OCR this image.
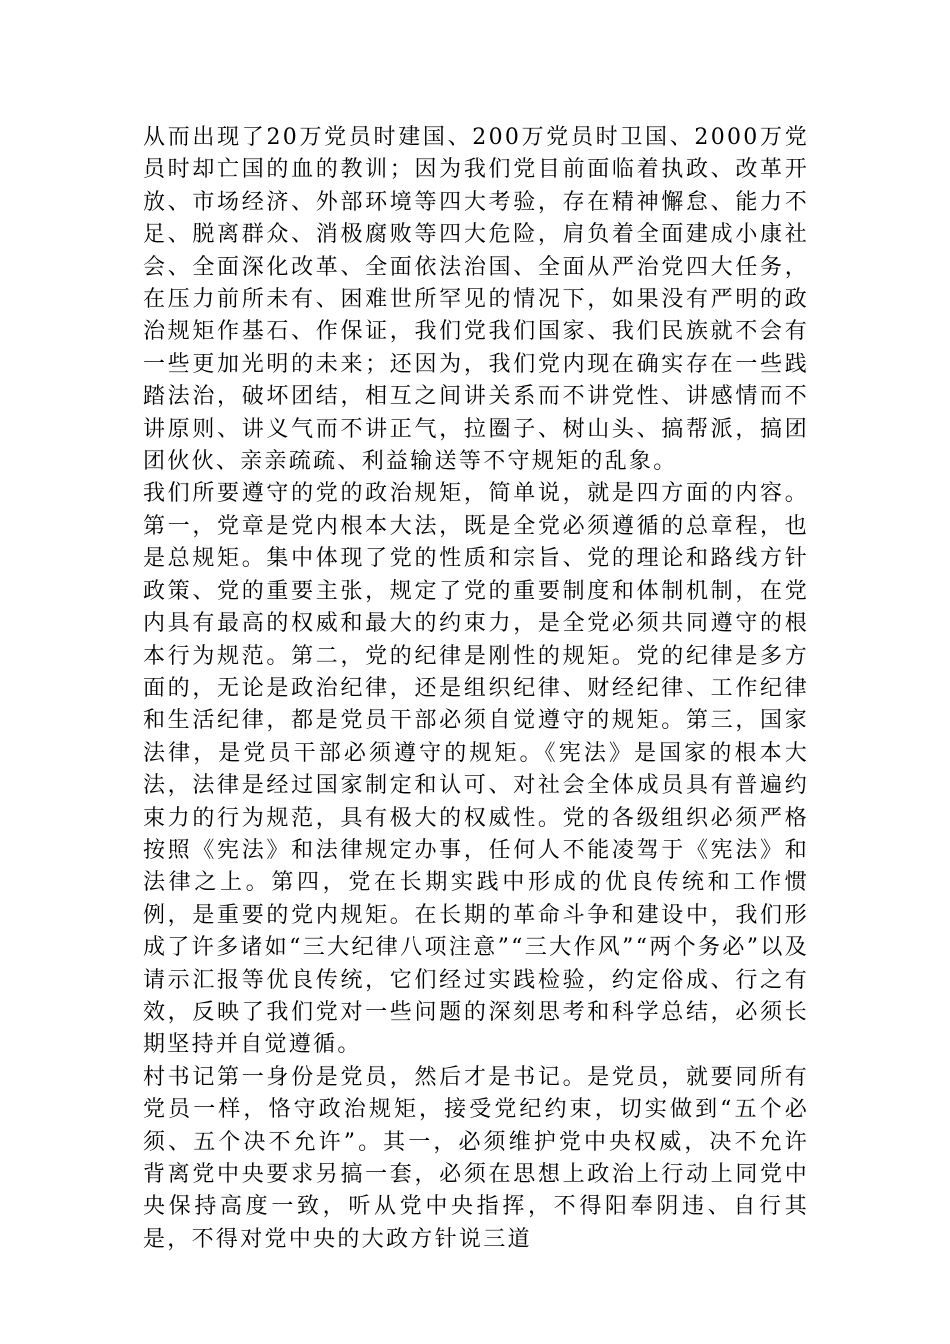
从而出现了20万党员时建国、200万党员时卫国、2000万党员时却亡国的血的教训；因为我们党目前面临着执政、改革开放、市场经济、外部环境等四大考验，存在精神懈怠、能力不足、脱离群众、消极腐败等四大危险，肩负着全面建成小康社会、全面深化改革、全面依法治国、全面从严治党四大任务，在压力前所未有、困难世所罕见的情况下，如果没有严明的政治规矩作基石、作保证，我们党我们国家、我们民族就不会有一些更加光明的未来；还因为，我们党内现在确实存在一些践踏法治，破坏团结，相互之间讲关系而不讲党性、讲感情而不讲原则、讲义气而不讲正气，拉圈子、树山头、搞帮派，搞团团伙伙、亲亲疏疏、利益输送等不守规矩的乱象。

我们所要遵守的党的政治规矩，简单说，就是四方面的内容。第一，党章是党内根本大法，既是全党必须遵循的总章程，也是总规矩。集中体现了党的性质和宗旨、党的理论和路线方针政策、党的重要主张，规定了党的重要制度和体制机制，在党内具有最高的权威和最大的约束力，是全党必须共同遵守的根本行为规范。第二，党的纪律是刚性的规矩。党的纪律是多方面的，无论是政治纪律，还是组织纪律、财经纪律、工作纪律和生活纪律，都是党员干部必须自觉遵守的规矩。第三，国家法律，是党员干部必须遵守的规矩。《宪法》是国家的根本大法，法律是经过国家制定和认可、对社会全体成员具有普遍约束力的行为规范，具有极大的权威性。党的各级组织必须严格按照《宪法》和法律规定办事，任何人不能凌驾于《宪法》和法律之上。第四，党在长期实践中形成的优良传统和工作惯例，是重要的党内规矩。在长期的革命斗争和建设中，我们形成了许多诸如“三大纪律八项注意”“三大作风”“两个务必”以及请示汇报等优良传统，它们经过实践检验，约定俗成、行之有效，反映了我们党对一些问题的深刻思考和科学总结，必须长期坚持并自觉遵循。

村书记第一身份是党员，然后才是书记。是党员，就要同所有党员一样，恪守政治规矩，接受党纪约束，切实做到“五个必须、五个决不允许”。其一，必须维护党中央权威，决不允许背离党中央要求另搞一套，必须在思想上政治上行动上同党中央保持高度一致，听从党中央指挥，不得阳奉阴违、自行其是，不得对党中央的大政方针说三道
